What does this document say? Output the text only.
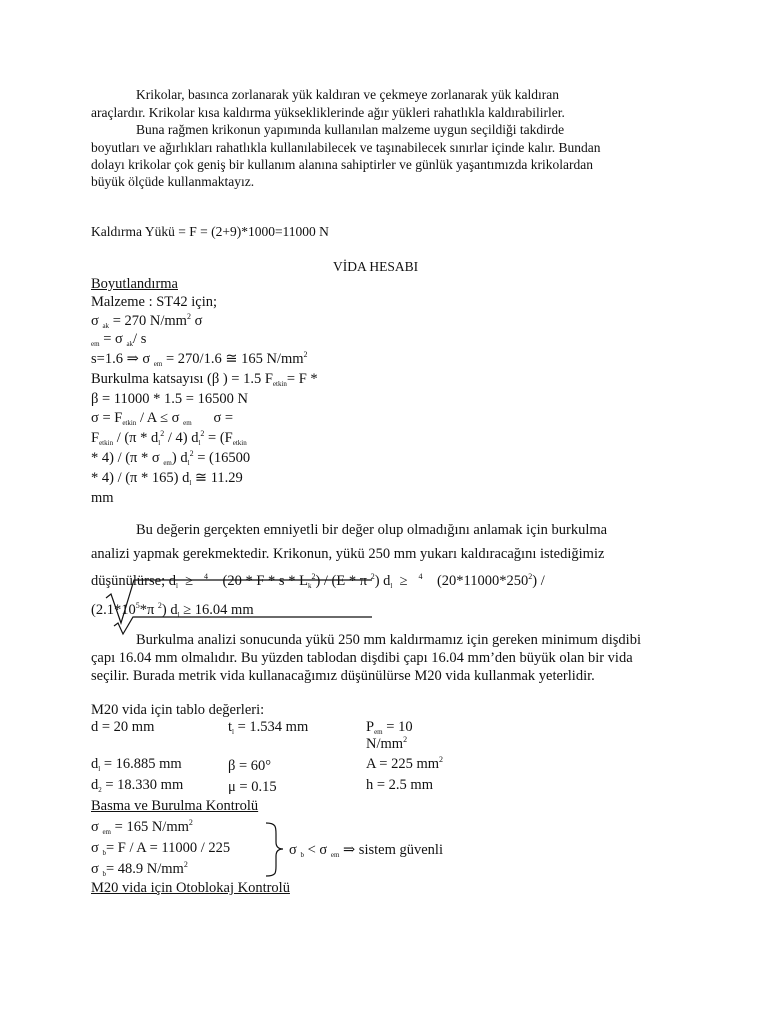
Krikolar, basınca zorlanarak yük kaldıran ve çekmeye zorlanarak yük kaldıran
araçlardır. Krikolar kısa kaldırma yüksekliklerinde ağır yükleri rahatlıkla kaldırabilirler.
Buna rağmen krikonun yapımında kullanılan malzeme uygun seçildiği takdirde
boyutları ve ağırlıkları rahatlıkla kullanılabilecek ve taşınabilecek sınırlar içinde kalır. Bundan
dolayı krikolar çok geniş bir kullanım alanına sahiptirler ve günlük yaşantımızda krikolardan
büyük ölçüde kullanmaktayız.
Kaldırma Yükü = F = (2+9)*1000=11000 N
VİDA HESABI
Boyutlandırma
Malzeme : ST42 için;
σ $_{ak}$ = 270 $N/mm^2$ σ
$_{em}$ = σ $_{ak}$/ s
s=1.6 ⇒ σ $_{em}$ = 270/1.6 ≅ 165 $N/mm^2$
Burkulma katsayısı (β ) = 1.5 $F_{etkin}= F$ *
β = 11000 * 1.5 = 16500 N
$\sigma = F_{etkin} / A \le \sigma$ $_{em}$ σ =
$F_{etkin} / (\pi * d_l^2 / 4) d_l^2 = (F_{etkin}$
* 4) / (π * σ $_{em}$) $d_l^2 = (16500$
* 4) / (π * 165) $d_l$ ≅ 11.29
mm
Bu değerin gerçekten emniyetli bir değer olup olmadığını anlamak için burkulma
analizi yapmak gerekmektedir. Krikonun, yükü 250 mm yukarı kaldıracağını istediğimiz
düşünülürse; $d_l \ge ^4$ (20 * F * s * $L_k^2) / (E$ * π $^2$) $d_l \ge ^4$ $(20*11000*250^2)$ /
($2.1*10^5*\pi$ $^2$) $d_l \ge 16.04$ mm
Burkulma analizi sonucunda yükü 250 mm kaldırmamız için gereken minimum dişdibi
çapı 16.04 mm olmalıdır. Bu yüzden tablodan dişdibi çapı 16.04 mm’den büyük olan bir vida
seçilir. Burada metrik vida kullanacağımız düşünülürse M20 vida kullanmak yeterlidir.
M20 vida için tablo değerleri:
d = 20 mm	$t_l = 1.534$ mm	$P_{em} = 10$
$N/mm^2$
$d_l = 16.885$ mm	β = 60°	A = 225 $mm^2$
$d_2 = 18.330$ mm	μ = 0.15	h = 2.5 mm
Basma ve Burulma Kontrolü
σ $_{em}$ = 165 $N/mm^2$
σ $_b$= F / A = 11000 / 225
σ $_b$= 48.9 $N/mm^2$
σ $_b$ < σ $_{em}$ ⇒ sistem güvenli
M20 vida için Otoblokaj Kontrolü
